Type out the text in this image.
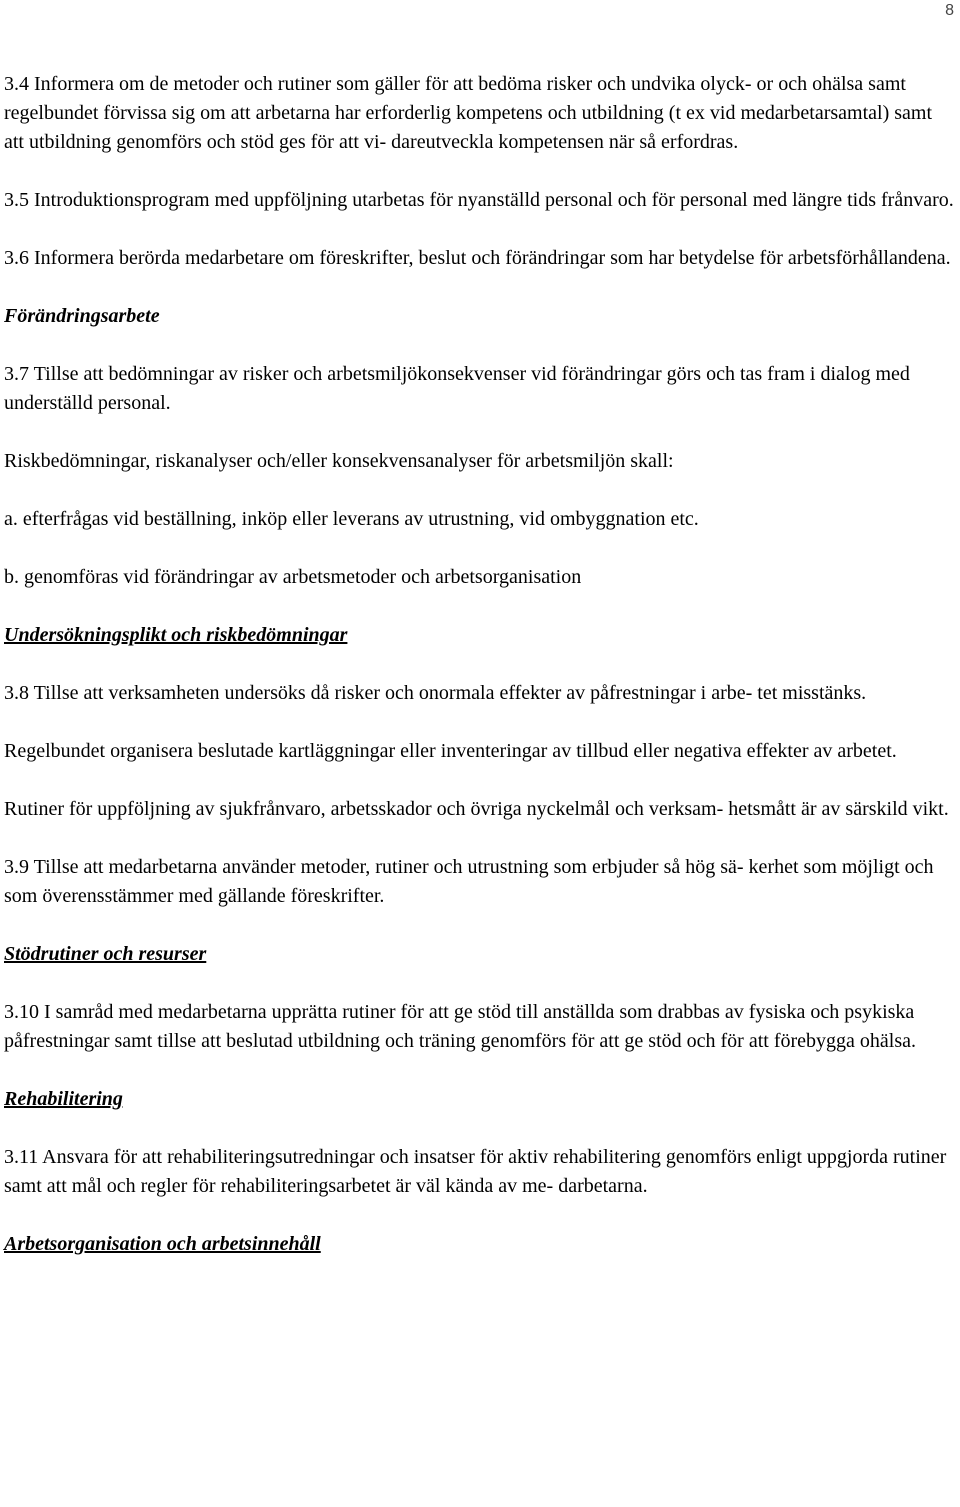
8

3.4 Informera om de metoder och rutiner som gäller för att bedöma risker och undvika olyck- or och ohälsa samt regelbundet förvissa sig om att arbetarna har erforderlig kompetens och utbildning (t ex vid medarbetarsamtal) samt att utbildning genomförs och stöd ges för att vi- dareutveckla kompetensen när så erfordras.

3.5 Introduktionsprogram med uppföljning utarbetas för nyanställd personal och för personal med längre tids frånvaro.

3.6 Informera berörda medarbetare om föreskrifter, beslut och förändringar som har betydelse för arbetsförhållandena.

Förändringsarbete

3.7 Tillse att bedömningar av risker och arbetsmiljökonsekvenser vid förändringar görs och tas fram i dialog med underställd personal.

Riskbedömningar, riskanalyser och/eller konsekvensanalyser för arbetsmiljön skall:

a. efterfrågas vid beställning, inköp eller leverans av utrustning, vid ombyggnation etc.

b. genomföras vid förändringar av arbetsmetoder och arbetsorganisation

Undersökningsplikt och riskbedömningar

3.8 Tillse att verksamheten undersöks då risker och onormala effekter av påfrestningar i arbe- tet misstänks.

Regelbundet organisera beslutade kartläggningar eller inventeringar av tillbud eller negativa effekter av arbetet.

Rutiner för uppföljning av sjukfrånvaro, arbetsskador och övriga nyckelmål och verksam- hetsmått är av särskild vikt.

3.9 Tillse att medarbetarna använder metoder, rutiner och utrustning som erbjuder så hög sä- kerhet som möjligt och som överensstämmer med gällande föreskrifter.

Stödrutiner och resurser

3.10 I samråd med medarbetarna upprätta rutiner för att ge stöd till anställda som drabbas av fysiska och psykiska påfrestningar samt tillse att beslutad utbildning och träning genomförs för att ge stöd och för att förebygga ohälsa.

Rehabilitering

3.11 Ansvara för att rehabiliteringsutredningar och insatser för aktiv rehabilitering genomförs enligt uppgjorda rutiner samt att mål och regler för rehabiliteringsarbetet är väl kända av me- darbetarna.

Arbetsorganisation och arbetsinnehåll
